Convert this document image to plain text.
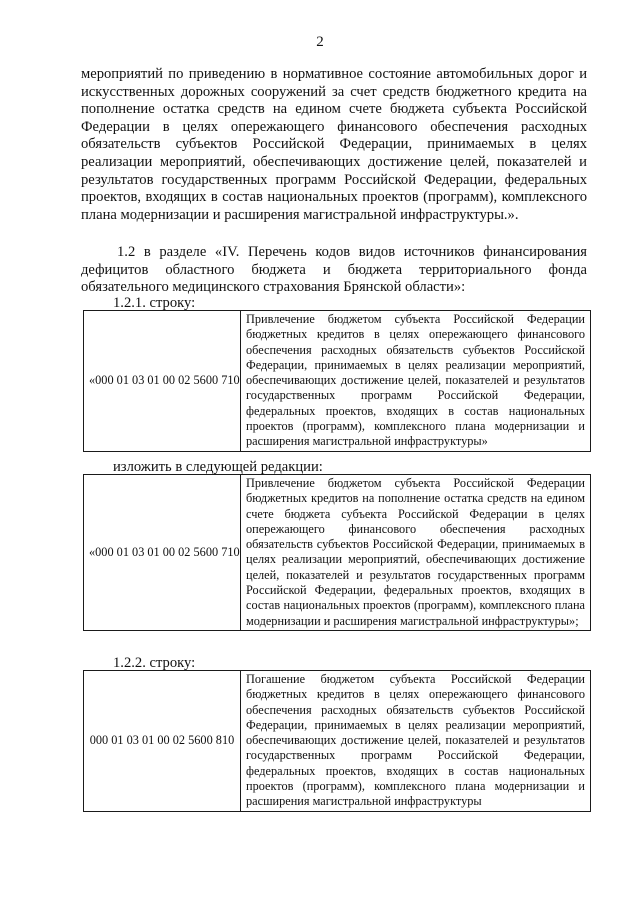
2
мероприятий по приведению в нормативное состояние автомобильных дорог и искусственных дорожных сооружений за счет средств бюджетного кредита на пополнение остатка средств на едином счете бюджета субъекта Российской Федерации в целях опережающего финансового обеспечения расходных обязательств субъектов Российской Федерации, принимаемых в целях реализации мероприятий, обеспечивающих достижение целей, показателей и результатов государственных программ Российской Федерации, федеральных проектов, входящих в состав национальных проектов (программ), комплексного плана модернизации и расширения магистральной инфраструктуры.».
1.2 в разделе «IV. Перечень кодов видов источников финансирования дефицитов областного бюджета и бюджета территориального фонда обязательного медицинского страхования Брянской области»:
1.2.1. строку:
«000 01 03 01 00 02 5600 710	Привлечение бюджетом субъекта Российской Федерации бюджетных кредитов в целях опережающего финансового обеспечения расходных обязательств субъектов Российской Федерации, принимаемых в целях реализации мероприятий, обеспечивающих достижение целей, показателей и результатов государственных программ Российской Федерации, федеральных проектов, входящих в состав национальных проектов (программ), комплексного плана модернизации и расширения магистральной инфраструктуры»
изложить в следующей редакции:
«000 01 03 01 00 02 5600 710	Привлечение бюджетом субъекта Российской Федерации бюджетных кредитов на пополнение остатка средств на едином счете бюджета субъекта Российской Федерации в целях опережающего финансового обеспечения расходных обязательств субъектов Российской Федерации, принимаемых в целях реализации мероприятий, обеспечивающих достижение целей, показателей и результатов государственных программ Российской Федерации, федеральных проектов, входящих в состав национальных проектов (программ), комплексного плана модернизации и расширения магистральной инфраструктуры»;
1.2.2. строку:
000 01 03 01 00 02 5600 810	Погашение бюджетом субъекта Российской Федерации бюджетных кредитов в целях опережающего финансового обеспечения расходных обязательств субъектов Российской Федерации, принимаемых в целях реализации мероприятий, обеспечивающих достижение целей, показателей и результатов государственных программ Российской Федерации, федеральных проектов, входящих в состав национальных проектов (программ), комплексного плана модернизации и расширения магистральной инфраструктуры
